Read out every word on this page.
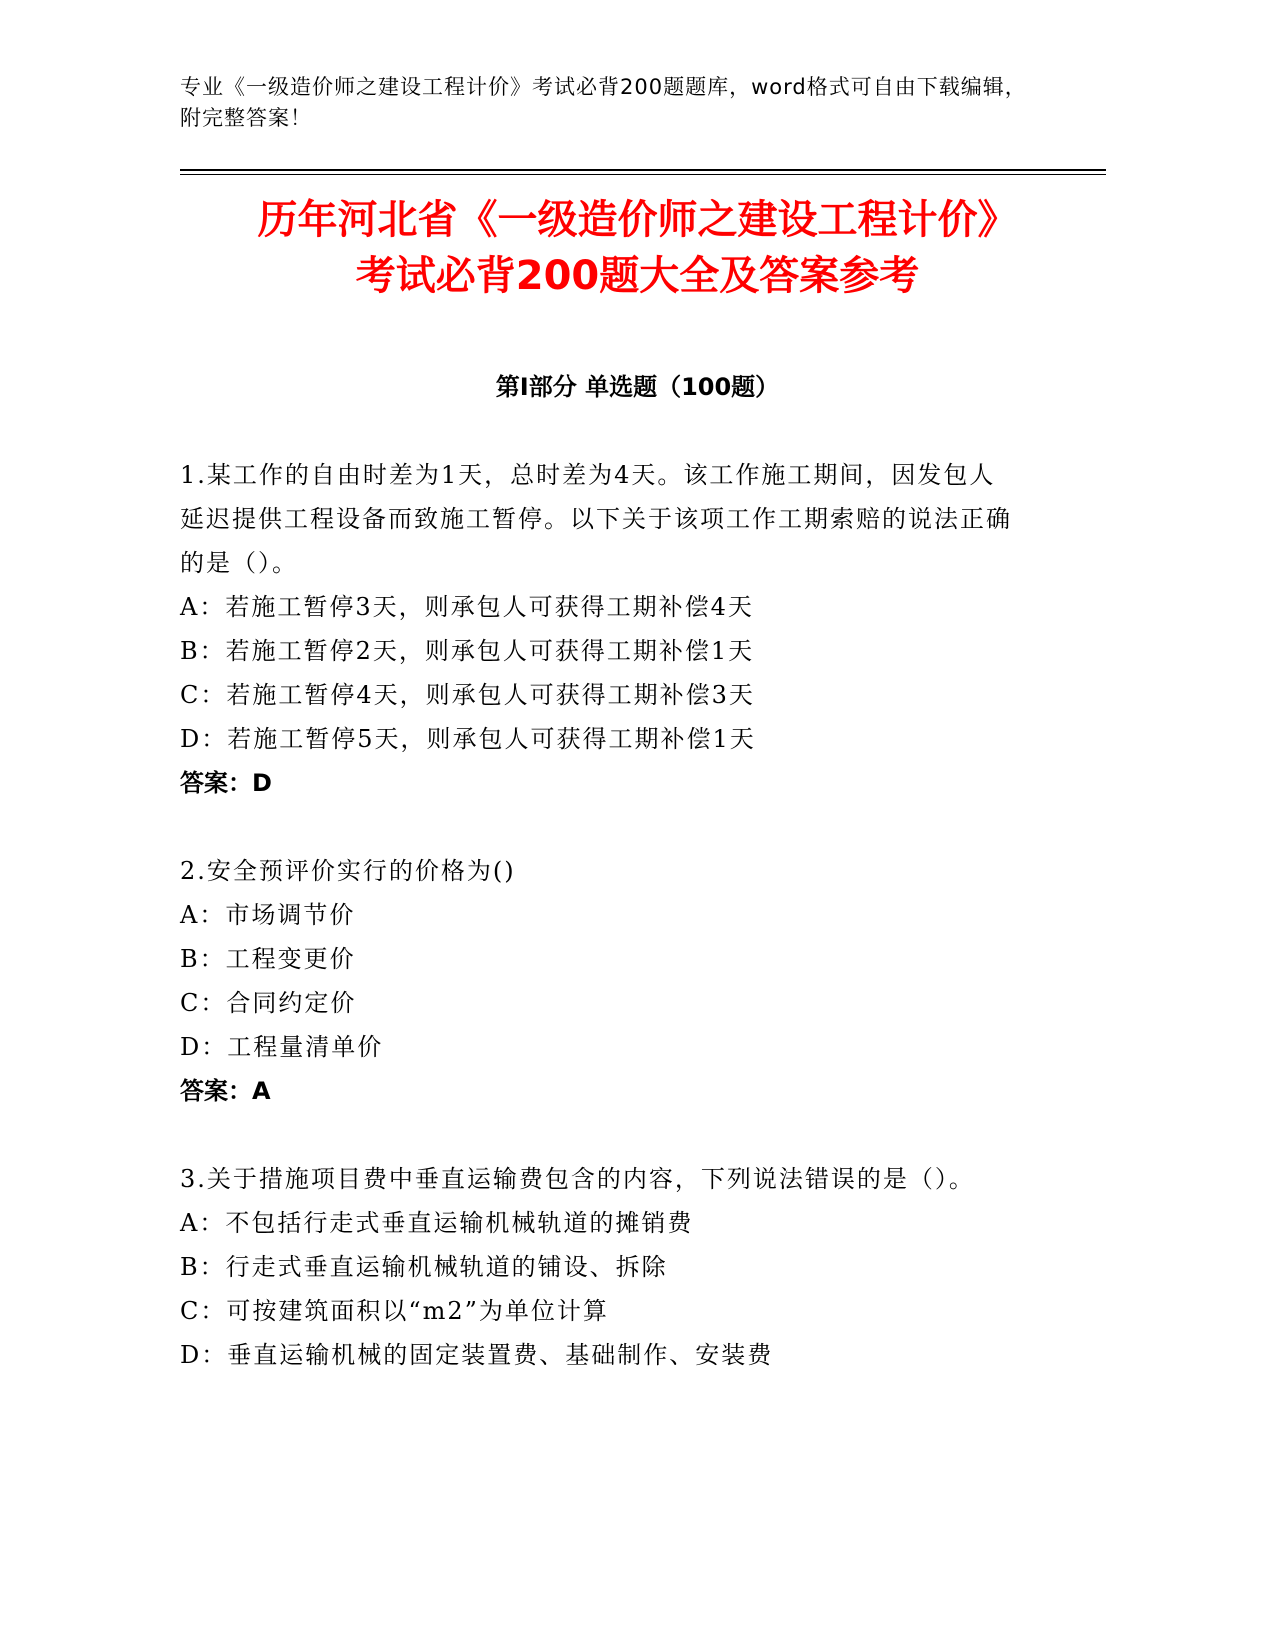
专业《一级造价师之建设工程计价》考试必背200题题库，word格式可自由下载编辑，附完整答案！
历年河北省《一级造价师之建设工程计价》
考试必背200题大全及答案参考
第Ⅰ部分 单选题（100题）
1.某工作的自由时差为1天，总时差为4天。该工作施工期间，因发包人延迟提供工程设备而致施工暂停。以下关于该项工作工期索赔的说法正确的是（）。
A：若施工暂停3天，则承包人可获得工期补偿4天
B：若施工暂停2天，则承包人可获得工期补偿1天
C：若施工暂停4天，则承包人可获得工期补偿3天
D：若施工暂停5天，则承包人可获得工期补偿1天
答案：D
2.安全预评价实行的价格为()
A：市场调节价
B：工程变更价
C：合同约定价
D：工程量清单价
答案：A
3.关于措施项目费中垂直运输费包含的内容，下列说法错误的是（）。
A：不包括行走式垂直运输机械轨道的摊销费
B：行走式垂直运输机械轨道的铺设、拆除
C：可按建筑面积以“m2”为单位计算
D：垂直运输机械的固定装置费、基础制作、安装费
